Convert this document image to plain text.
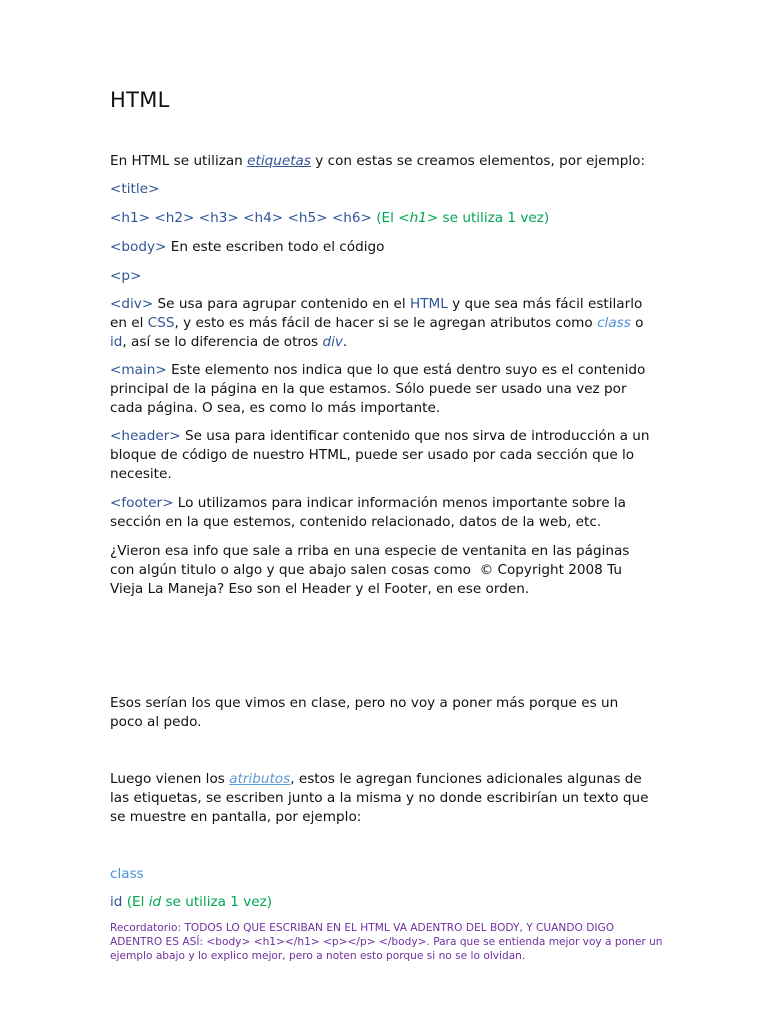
HTML
En HTML se utilizan etiquetas y con estas se creamos elementos, por ejemplo:
<title>
<h1> <h2> <h3> <h4> <h5> <h6> (El <h1> se utiliza 1 vez)
<body> En este escriben todo el código
<p>
<div> Se usa para agrupar contenido en el HTML y que sea más fácil estilarlo
en el CSS, y esto es más fácil de hacer si se le agregan atributos como class o
id, así se lo diferencia de otros div.
<main> Este elemento nos indica que lo que está dentro suyo es el contenido
principal de la página en la que estamos. Sólo puede ser usado una vez por
cada página. O sea, es como lo más importante.
<header> Se usa para identificar contenido que nos sirva de introducción a un
bloque de código de nuestro HTML, puede ser usado por cada sección que lo
necesite.
<footer> Lo utilizamos para indicar información menos importante sobre la
sección en la que estemos, contenido relacionado, datos de la web, etc.
¿Vieron esa info que sale a rriba en una especie de ventanita en las páginas
con algún titulo o algo y que abajo salen cosas como  © Copyright 2008 Tu
Vieja La Maneja? Eso son el Header y el Footer, en ese orden.
Esos serían los que vimos en clase, pero no voy a poner más porque es un
poco al pedo.
Luego vienen los atributos, estos le agregan funciones adicionales algunas de
las etiquetas, se escriben junto a la misma y no donde escribirían un texto que
se muestre en pantalla, por ejemplo:
class
id (El id se utiliza 1 vez)
Recordatorio: TODOS LO QUE ESCRIBAN EN EL HTML VA ADENTRO DEL BODY, Y CUANDO DIGO
ADENTRO ES ASÍ: <body> <h1></h1> <p></p> </body>. Para que se entienda mejor voy a poner un
ejemplo abajo y lo explico mejor, pero a noten esto porque si no se lo olvidan.
